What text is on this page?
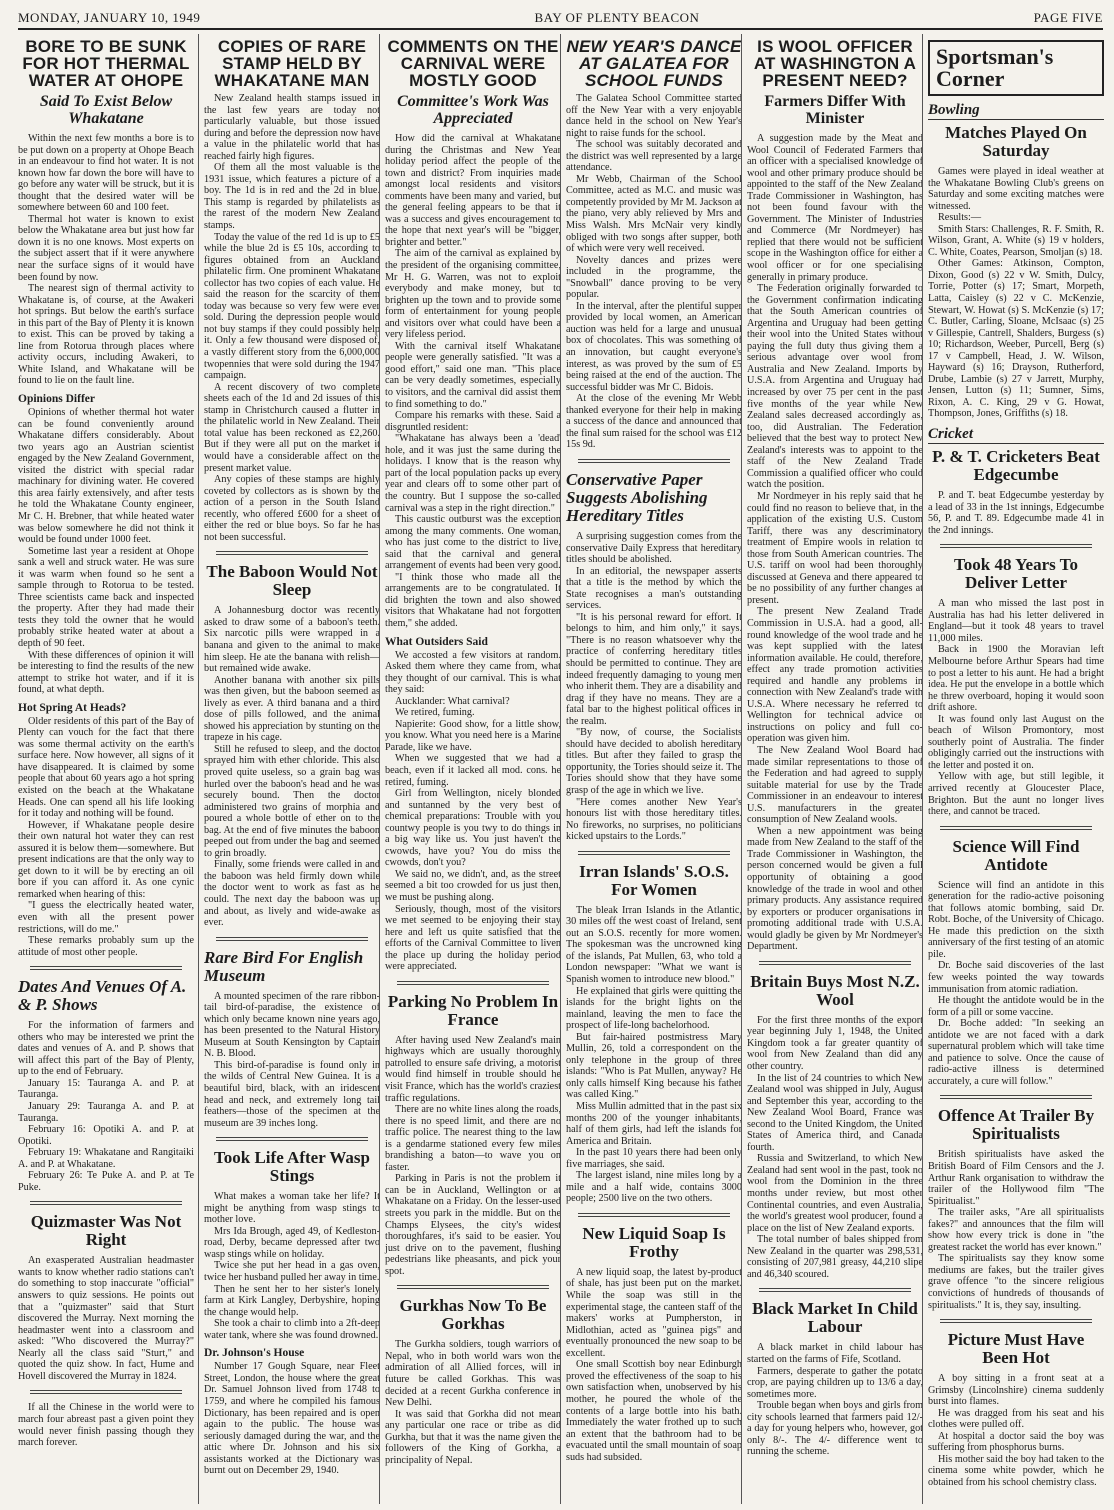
MONDAY, JANUARY 10, 1949	BAY OF PLENTY BEACON	PAGE FIVE
BORE TO BE SUNK FOR HOT THERMAL WATER AT OHOPE
Said To Exist Below Whakatane

Within the next few months a bore is to be put down on a property at Ohope Beach in an endeavour to find hot water. It is not known how far down the bore will have to go before any water will be struck, but it is thought that the desired water will be somewhere between 60 and 100 feet.

Thermal hot water is known to exist below the Whakatane area but just how far down it is no one knows. Most experts on the subject assert that if it were anywhere near the surface signs of it would have been found by now.

The nearest sign of thermal activity to Whakatane is, of course, at the Awakeri hot springs. But below the earth's surface in this part of the Bay of Plenty it is known to exist. This can be proved by taking a line from Rotorua through places where activity occurs, including Awakeri, to White Island, and Whakatane will be found to lie on the fault line.

Opinions Differ

Opinions of whether thermal hot water can be found conveniently around Whakatane differs considerably. About two years ago an Austrian scientist engaged by the New Zealand Government, visited the district with special radar machinary for divining water. He covered this area fairly extensively, and after tests he told the Whakatane County engineer, Mr C. H. Brebner, that while heated water was below somewhere he did not think it would be found under 1000 feet.

Sometime last year a resident at Ohope sank a well and struck water. He was sure it was warm when found so he sent a sample through to Rotorua to be tested. Three scientists came back and inspected the property. After they had made their tests they told the owner that he would probably strike heated water at about a depth of 90 feet.

With these differences of opinion it will be interesting to find the results of the new attempt to strike hot water, and if it is found, at what depth.

Hot Spring At Heads?

Older residents of this part of the Bay of Plenty can vouch for the fact that there was some thermal activity on the earth's surface here. Now however, all signs of it have disappeared. It is claimed by some people that about 60 years ago a hot spring existed on the beach at the Whakatane Heads. One can spend all his life looking for it today and nothing will be found.

However, if Whakatane people desire their own natural hot water they can rest assured it is below them—somewhere. But present indications are that the only way to get down to it will be by erecting an oil bore if you can afford it. As one cynic remarked when hearing of this:

"I guess the electrically heated water, even with all the present power restrictions, will do me."

These remarks probably sum up the attitude of most other people.

Dates And Venues Of A. & P. Shows

For the information of farmers and others who may be interested we print the dates and venues of A. and P. shows that will affect this part of the Bay of Plenty, up to the end of February.

January 15: Tauranga A. and P. at Tauranga.

January 29: Tauranga A. and P. at Tauranga.

February 16: Opotiki A. and P. at Opotiki.

February 19: Whakatane and Rangitaiki A. and P. at Whakatane.

February 26: Te Puke A. and P. at Te Puke.

Quizmaster Was Not Right

An exasperated Australian headmaster wants to know whether radio stations can't do something to stop inaccurate "official" answers to quiz sessions. He points out that a "quizmaster" said that Sturt discovered the Murray. Next morning the headmaster went into a classroom and asked: "Who discovered the Murray?" Nearly all the class said "Sturt," and quoted the quiz show. In fact, Hume and Hovell discovered the Murray in 1824.

If all the Chinese in the world were to march four abreast past a given point they would never finish passing though they march forever.

COPIES OF RARE STAMP HELD BY WHAKATANE MAN

New Zealand health stamps issued in the last few years are today not particularly valuable, but those issued during and before the depression now have a value in the philatelic world that has reached fairly high figures.

Of them all the most valuable is the 1931 issue, which features a picture of a boy. The 1d is in red and the 2d in blue. This stamp is regarded by philatelists as the rarest of the modern New Zealand stamps.

Today the value of the red 1d is up to £5 while the blue 2d is £5 10s, according to figures obtained from an Auckland philatelic firm. One prominent Whakatane collector has two copies of each value. He said the reason for the scarcity of them today was because so very few were ever sold. During the depression people would not buy stamps if they could possibly help it. Only a few thousand were disposed of, a vastly different story from the 6,000,000 twopennies that were sold during the 1947 campaign.

A recent discovery of two complete sheets each of the 1d and 2d issues of this stamp in Christchurch caused a flutter in the philatelic world in New Zealand. Their total value has been reckoned as £2,260. But if they were all put on the market it would have a considerable affect on the present market value.

Any copies of these stamps are highly coveted by collectors as is shown by the action of a person in the South Island recently, who offered £600 for a sheet of either the red or blue boys. So far he has not been successful.

The Baboon Would Not Sleep

A Johannesburg doctor was recently asked to draw some of a baboon's teeth. Six narcotic pills were wrapped in a banana and given to the animal to make him sleep. He ate the banana with relish—but remained wide awake.

Another banana with another six pills was then given, but the baboon seemed as lively as ever. A third banana and a third dose of pills followed, and the animal showed his appreciation by stunting on the trapeze in his cage.

Still he refused to sleep, and the doctor sprayed him with ether chloride. This also proved quite useless, so a grain bag was hurled over the baboon's head and he was securely bound. Then the doctor administered two grains of morphia and poured a whole bottle of ether on to the bag. At the end of five minutes the baboon peeped out from under the bag and seemed to grin broadly.

Finally, some friends were called in and the baboon was held firmly down while the doctor went to work as fast as he could. The next day the baboon was up and about, as lively and wide-awake as ever.

Rare Bird For English Museum

A mounted specimen of the rare ribbon-tail bird-of-paradise, the existence of which only became known nine years ago, has been presented to the Natural History Museum at South Kensington by Captain N. B. Blood.

This bird-of-paradise is found only in the wilds of Central New Guinea. It is a beautiful bird, black, with an iridescent head and neck, and extremely long tail feathers—those of the specimen at the museum are 39 inches long.

Took Life After Wasp Stings

What makes a woman take her life? It might be anything from wasp stings to mother love.

Mrs Ida Brough, aged 49, of Kedleston-road, Derby, became depressed after two wasp stings while on holiday.

Twice she put her head in a gas oven, twice her husband pulled her away in time.

Then he sent her to her sister's lonely farm at Kirk Langley, Derbyshire, hoping the change would help.

She took a chair to climb into a 2ft-deep water tank, where she was found drowned.

Dr. Johnson's House

Number 17 Gough Square, near Fleet Street, London, the house where the great Dr. Samuel Johnson lived from 1748 to 1759, and where he compiled his famous Dictionary, has been repaired and is open again to the public. The house was seriously damaged during the war, and the attic where Dr. Johnson and his six assistants worked at the Dictionary was burnt out on December 29, 1940.

COMMENTS ON THE CARNIVAL WERE MOSTLY GOOD
Committee's Work Was Appreciated

How did the carnival at Whakatane during the Christmas and New Year holiday period affect the people of the town and district? From inquiries made amongst local residents and visitors comments have been many and varied, but the general feeling appears to be that it was a success and gives encouragement to the hope that next year's will be "bigger, brighter and better."

The aim of the carnival as explained by the president of the organising committee, Mr H. G. Warren, was not to exploit everybody and make money, but to brighten up the town and to provide some form of entertainment for young people and visitors over what could have been a very lifeless period.

With the carnival itself Whakatane people were generally satisfied. "It was a good effort," said one man. "This place can be very deadly sometimes, especially to visitors, and the carnival did assist them to find something to do."

Compare his remarks with these. Said a disgruntled resident:

"Whakatane has always been a 'dead' hole, and it was just the same during the holidays. I know that is the reason why part of the local population packs up every year and clears off to some other part of the country. But I suppose the so-called carnival was a step in the right direction."

This caustic outburst was the exception among the many comments. One woman, who has just come to the district to live, said that the carnival and general arrangement of events had been very good.

"I think those who made all the arrangements are to be congratulated. It did brighten the town and also showed visitors that Whakatane had not forgotten them," she added.

What Outsiders Said

We accosted a few visitors at random. Asked them where they came from, what they thought of our carnival. This is what they said:

Aucklander: What carnival?

We retired, fuming.

Napierite: Good show, for a little show, you know. What you need here is a Marine Parade, like we have.

When we suggested that we had a beach, even if it lacked all mod. cons. he retired, fuming.

Girl from Wellington, nicely blonded and suntanned by the very best of chemical preparations: Trouble with you countwy people is you twy to do things in a big way like us. You just haven't the cwowds, have you? You do miss the cwowds, don't you?

We said no, we didn't, and, as the street seemed a bit too crowded for us just then, we must be pushing along.

Seriously, though, most of the visitors we met seemed to be enjoying their stay here and left us quite satisfied that the efforts of the Carnival Committee to liven the place up during the holiday period were appreciated.

Parking No Problem In France

After having used New Zealand's main highways which are usually thoroughly patrolled to ensure safe driving, a motorist would find himself in trouble should he visit France, which has the world's craziest traffic regulations.

There are no white lines along the roads, there is no speed limit, and there are no traffic police. The nearest thing to the law is a gendarme stationed every few miles brandishing a baton—to wave you on faster.

Parking in Paris is not the problem it can be in Auckland, Wellington or at Whakatane on a Friday. On the lesser-used streets you park in the middle. But on the Champs Elysees, the city's widest thoroughfares, it's said to be easier. You just drive on to the pavement, flushing pedestrians like pheasants, and pick your spot.

Gurkhas Now To Be Gorkhas

The Gurkha soldiers, tough warriors of Nepal, who in both world wars won the admiration of all Allied forces, will in future be called Gorkhas. This was decided at a recent Gurkha conference in New Delhi.

It was said that Gorkha did not mean any particular one race or tribe as did Gurkha, but that it was the name given the followers of the King of Gorkha, a principality of Nepal.

NEW YEAR'S DANCE AT GALATEA FOR SCHOOL FUNDS

The Galatea School Committee started off the New Year with a very enjoyable dance held in the school on New Year's night to raise funds for the school.

The school was suitably decorated and the district was well represented by a large attendance.

Mr Webb, Chairman of the School Committee, acted as M.C. and music was competently provided by Mr M. Jackson at the piano, very ably relieved by Mrs and Miss Walsh. Mrs McNair very kindly obliged with two songs after supper, both of which were very well received.

Novelty dances and prizes were included in the programme, the "Snowball" dance proving to be very popular.

In the interval, after the plentiful supper provided by local women, an American auction was held for a large and unusual box of chocolates. This was something of an innovation, but caught everyone's interest, as was proved by the sum of £5 being raised at the end of the auction. The successful bidder was Mr C. Bidois.

At the close of the evening Mr Webb thanked everyone for their help in making a success of the dance and announced that the final sum raised for the school was £12 15s 9d.

Conservative Paper Suggests Abolishing Hereditary Titles

A surprising suggestion comes from the conservative Daily Express that hereditary titles should be abolished.

In an editorial, the newspaper asserts that a title is the method by which the State recognises a man's outstanding services.

"It is his personal reward for effort. It belongs to him, and him only," it says. "There is no reason whatsoever why the practice of conferring hereditary titles should be permitted to continue. They are indeed frequently damaging to young men who inherit them. They are a disability and drag if they have no means. They are a fatal bar to the highest political offices in the realm.

"By now, of course, the Socialists should have decided to abolish hereditary titles. But after they failed to grasp the opportunity, the Tories should seize it. The Tories should show that they have some grasp of the age in which we live.

"Here comes another New Year's honours list with those hereditary titles. No fireworks, no surprises, no politicians kicked upstairs to the Lords."

Irran Islands' S.O.S. For Women

The bleak Irran Islands in the Atlantic, 30 miles off the west coast of Ireland, sent out an S.O.S. recently for more women. The spokesman was the uncrowned king of the islands, Pat Mullen, 63, who told a London newspaper: "What we want is Spanish women to introduce new blood."

He explained that girls were quitting the islands for the bright lights on the mainland, leaving the men to face the prospect of life-long bachelorhood.

But fair-haired postmistress Mary Mullin, 26, told a correspondent on the only telephone in the group of three islands: "Who is Pat Mullen, anyway? He only calls himself King because his father was called King."

Miss Mullin admitted that in the past six months 200 of the younger inhabitants, half of them girls, had left the islands for America and Britain.

In the past 10 years there had been only five marriages, she said.

The largest island, nine miles long by a mile and a half wide, contains 3000 people; 2500 live on the two others.

New Liquid Soap Is Frothy

A new liquid soap, the latest by-product of shale, has just been put on the market. While the soap was still in the experimental stage, the canteen staff of the makers' works at Pumpherston, in Midlothian, acted as "guinea pigs" and eventually pronounced the new soap to be excellent.

One small Scottish boy near Edinburgh proved the effectiveness of the soap to his own satisfaction when, unobserved by his mother, he poured the whole of the contents of a large bottle into his bath. Immediately the water frothed up to such an extent that the bathroom had to be evacuated until the small mountain of soap suds had subsided.

IS WOOL OFFICER AT WASHINGTON A PRESENT NEED?
Farmers Differ With Minister

A suggestion made by the Meat and Wool Council of Federated Farmers that an officer with a specialised knowledge of wool and other primary produce should be appointed to the staff of the New Zealand Trade Commissioner in Washington, has not been found favour with the Government. The Minister of Industries and Commerce (Mr Nordmeyer) has replied that there would not be sufficient scope in the Washington office for either a wool officer or for one specialising generally in primary produce.

The Federation originally forwarded to the Government confirmation indicating that the South American countries of Argentina and Uruguay had been getting their wool into the United States without paying the full duty thus giving them a serious advantage over wool from Australia and New Zealand. Imports by U.S.A. from Argentina and Uruguay had increased by over 75 per cent in the past five months of the year while New Zealand sales decreased accordingly as, too, did Australian. The Federation believed that the best way to protect New Zealand's interests was to appoint to the staff of the New Zealand Trade Commission a qualified officer who could watch the position.

Mr Nordmeyer in his reply said that he could find no reason to believe that, in the application of the existing U.S. Custom Tariff, there was any descriminatory treatment of Empire wools in relation to those from South American countries. The U.S. tariff on wool had been thoroughly discussed at Geneva and there appeared to be no possibility of any further changes at present.

The present New Zealand Trade Commission in U.S.A. had a good, all-round knowledge of the wool trade and he was kept supplied with the latest information available. He could, therefore, effect any trade promotion activities required and handle any problems in connection with New Zealand's trade with U.S.A. Where necessary he referred to Wellington for technical advice or instructions on policy and full co-operation was given him.

The New Zealand Wool Board had made similar representations to those of the Federation and had agreed to supply suitable material for use by the Trade Commissioner in an endeavour to interest U.S. manufacturers in the greater consumption of New Zealand wools.

When a new appointment was being made from New Zealand to the staff of the Trade Commissioner in Washington, the person concerned would be given a full opportunity of obtaining a good knowledge of the trade in wool and other primary products. Any assistance required by exporters or producer organisations in promoting additional trade with U.S.A. would gladly be given by Mr Nordmeyer's Department.

Britain Buys Most N.Z. Wool

For the first three months of the export year beginning July 1, 1948, the United Kingdom took a far greater quantity of wool from New Zealand than did any other country.

In the list of 24 countries to which New Zealand wool was shipped in July, August and September this year, according to the New Zealand Wool Board, France was second to the United Kingdom, the United States of America third, and Canada fourth.

Russia and Switzerland, to which New Zealand had sent wool in the past, took no wool from the Dominion in the three months under review, but most other Continental countries, and even Australia, the world's greatest wool producer, found a place on the list of New Zealand exports.

The total number of bales shipped from New Zealand in the quarter was 298,531, consisting of 207,981 greasy, 44,210 slipe and 46,340 scoured.

Black Market In Child Labour

A black market in child labour has started on the farms of Fife, Scotland.

Farmers, desperate to gather the potato crop, are paying children up to 13/6 a day, sometimes more.

Trouble began when boys and girls from city schools learned that farmers paid 12/- a day for young helpers who, however, got only 8/-. The 4/- difference went to running the scheme.

Sportsman's Corner
Bowling
Matches Played On Saturday

Games were played in ideal weather at the Whakatane Bowling Club's greens on Saturday and some exciting matches were witnessed.

Results:—

Smith Stars: Challenges, R. F. Smith, R. Wilson, Grant, A. White (s) 19 v holders, C. White, Coates, Pearson, Smoljan (s) 18.

Other Games: Atkinson, Compton, Dixon, Good (s) 22 v W. Smith, Dulcy, Torrie, Potter (s) 17; Smart, Morpeth, Latta, Caisley (s) 22 v C. McKenzie, Stewart, W. Howat (s) S. McKenzie (s) 17; C. Butler, Carling, Sloane, McIsaac (s) 25 v Gillespie, Cantrell, Shalders, Burgess (s) 10; Richardson, Weeber, Purcell, Berg (s) 17 v Campbell, Head, J. W. Wilson, Hayward (s) 16; Drayson, Rutherford, Drube, Lambie (s) 27 v Jarrett, Murphy, Jensen, Lutton (s) 11; Sumner, Sims, Rixon, A. C. King, 29 v G. Howat, Thompson, Jones, Griffiths (s) 18.

Cricket
P. & T. Cricketers Beat Edgecumbe

P. and T. beat Edgecumbe yesterday by a lead of 33 in the 1st innings, Edgecumbe 56, P. and T. 89. Edgecumbe made 41 in the 2nd innings.

Took 48 Years To Deliver Letter

A man who missed the last post in Australia has had his letter delivered in England—but it took 48 years to travel 11,000 miles.

Back in 1900 the Moravian left Melbourne before Arthur Spears had time to post a letter to his aunt. He had a bright idea. He put the envelope in a bottle which he threw overboard, hoping it would soon drift ashore.

It was found only last August on the beach of Wilson Promontory, most southerly point of Australia. The finder obligingly carried out the instructions with the letter and posted it on.

Yellow with age, but still legible, it arrived recently at Gloucester Place, Brighton. But the aunt no longer lives there, and cannot be traced.

Science Will Find Antidote

Science will find an antidote in this generation for the radio-active poisoning that follows atomic bombing, said Dr. Robt. Boche, of the University of Chicago. He made this prediction on the sixth anniversary of the first testing of an atomic pile.

Dr. Boche said discoveries of the last few weeks pointed the way towards immunisation from atomic radiation.

He thought the antidote would be in the form of a pill or some vaccine.

Dr. Boche added: "In seeking an antidote we are not faced with a dark supernatural problem which will take time and patience to solve. Once the cause of radio-active illness is determined accurately, a cure will follow."

Offence At Trailer By Spiritualists

British spiritualists have asked the British Board of Film Censors and the J. Arthur Rank organisation to withdraw the trailer of the Hollywood film "The Spiritualist."

The trailer asks, "Are all spiritualists fakes?" and announces that the film will show how every trick is done in "the greatest racket the world has ever known."

The spiritualists say they know some mediums are fakes, but the trailer gives grave offence "to the sincere religious convictions of hundreds of thousands of spiritualists." It is, they say, insulting.

Picture Must Have Been Hot

A boy sitting in a front seat at a Grimsby (Lincolnshire) cinema suddenly burst into flames.

He was dragged from his seat and his clothes were pulled off.

At hospital a doctor said the boy was suffering from phosphorus burns.

His mother said the boy had taken to the cinema some white powder, which he obtained from his school chemistry class.
